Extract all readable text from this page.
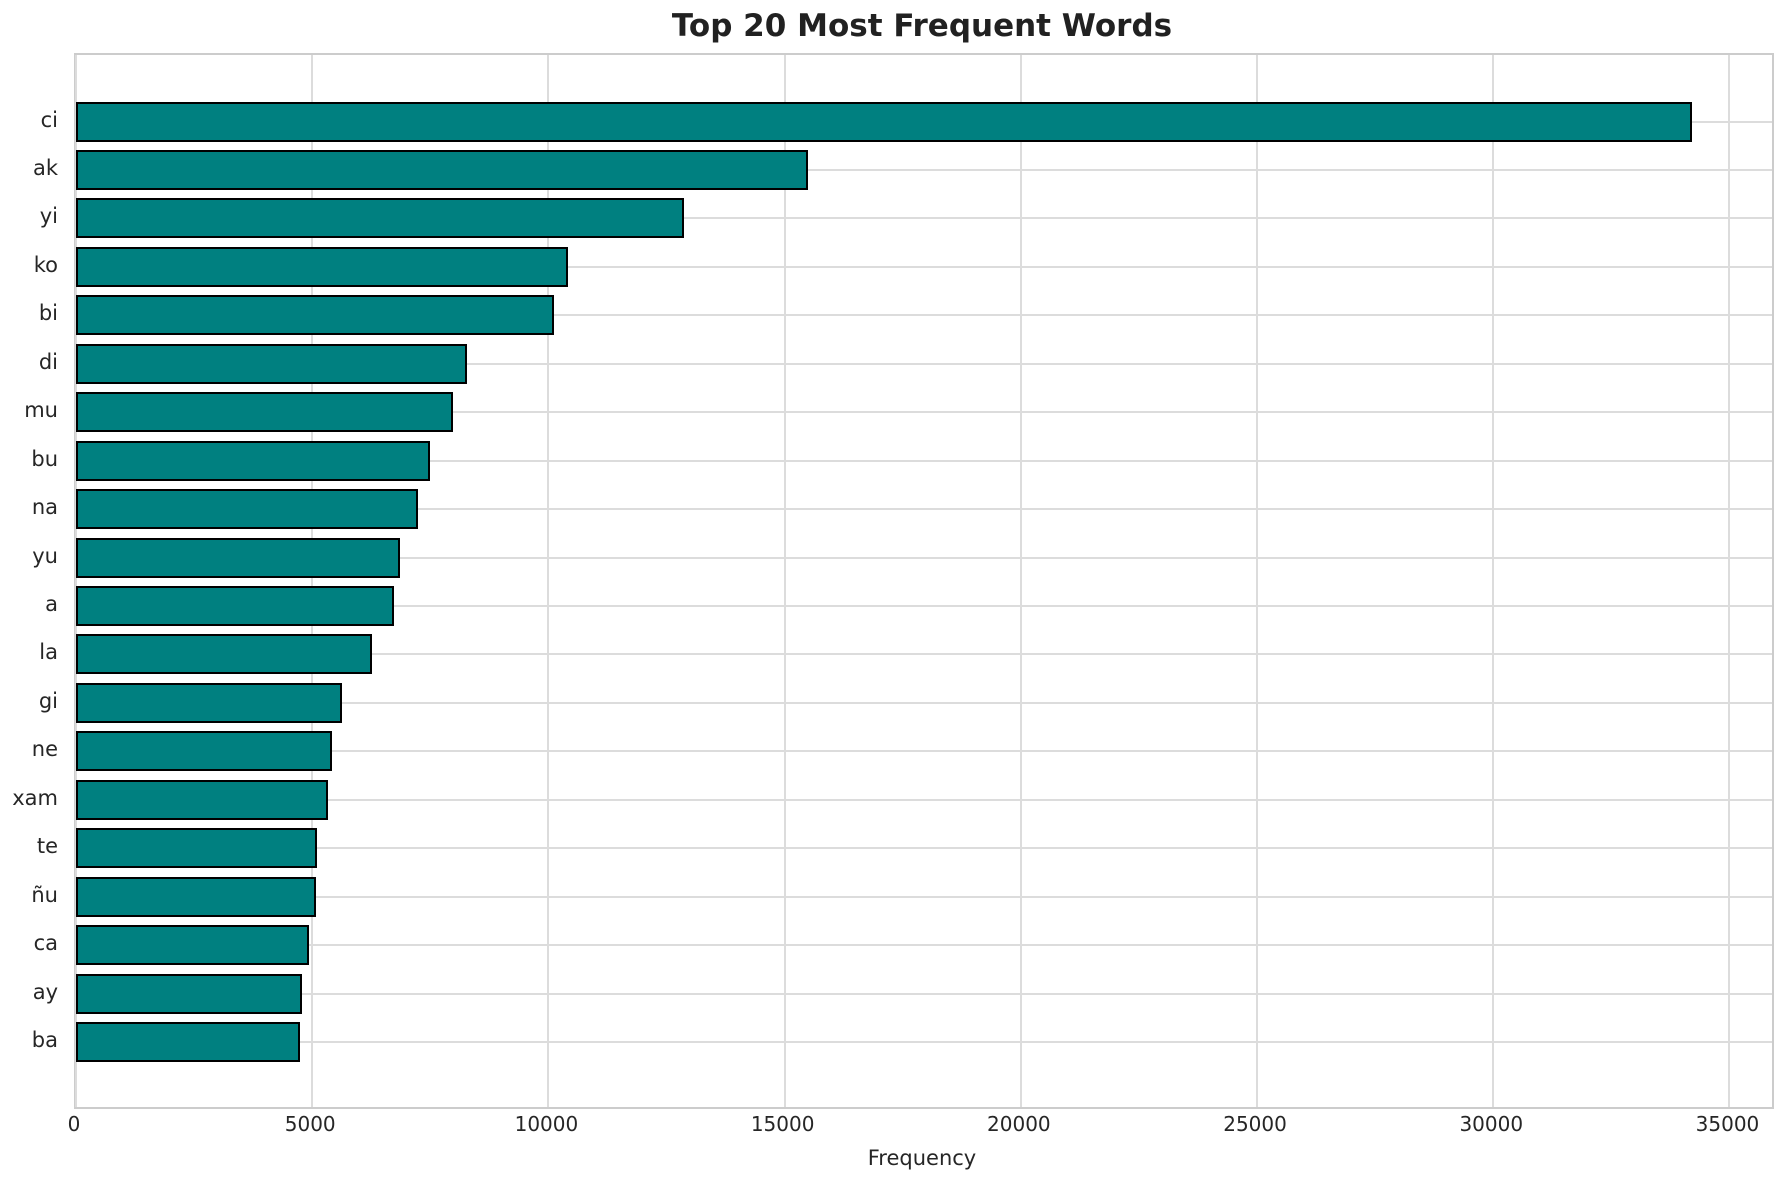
Top 20 Most Frequent Words
ci
ak
yi
ko
bi
di
mu
bu
na
yu
a
la
gi
ne
xam
te
ñu
ca
ay
ba
0	5000	10000	15000	20000	25000	30000	35000
Frequency
